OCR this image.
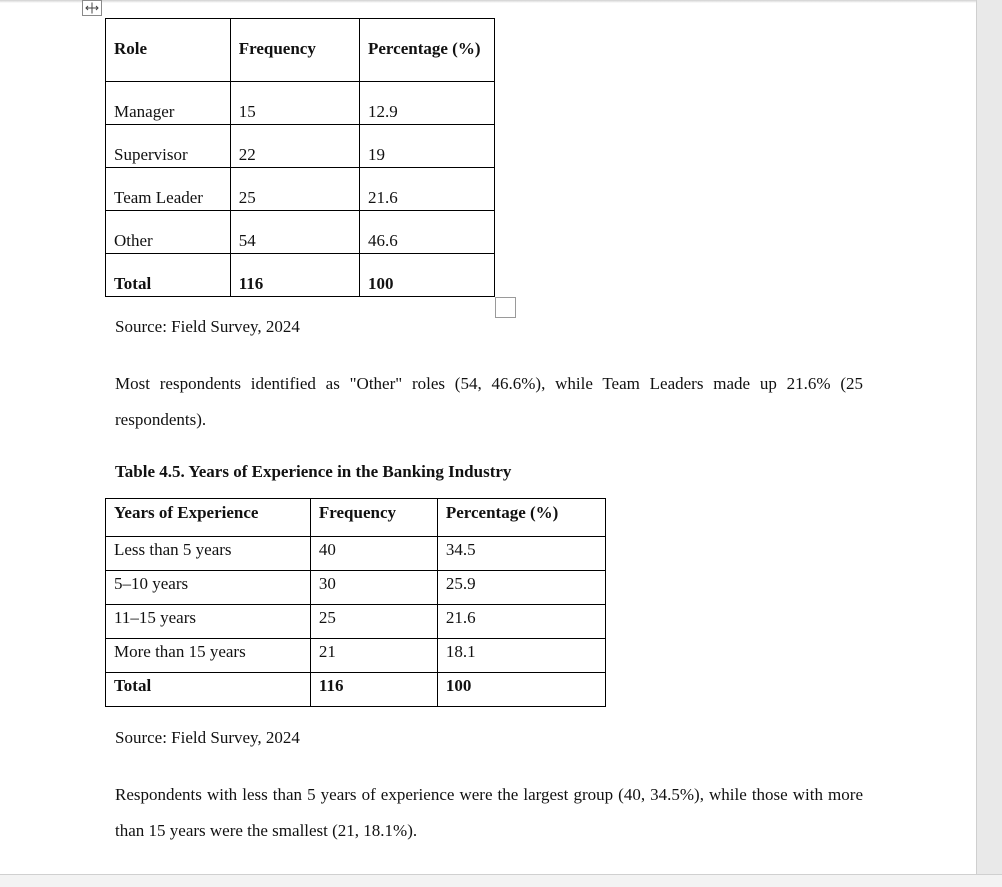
Role	Frequency	Percentage (%)
Manager	15	12.9
Supervisor	22	19
Team Leader	25	21.6
Other	54	46.6
Total	116	100
Source: Field Survey, 2024
Most respondents identified as "Other" roles (54, 46.6%), while Team Leaders made up 21.6% (25 respondents).
Table 4.5. Years of Experience in the Banking Industry
Years of Experience	Frequency	Percentage (%)
Less than 5 years	40	34.5
5–10 years	30	25.9
11–15 years	25	21.6
More than 15 years	21	18.1
Total	116	100
Source: Field Survey, 2024
Respondents with less than 5 years of experience were the largest group (40, 34.5%), while those with more than 15 years were the smallest (21, 18.1%).
